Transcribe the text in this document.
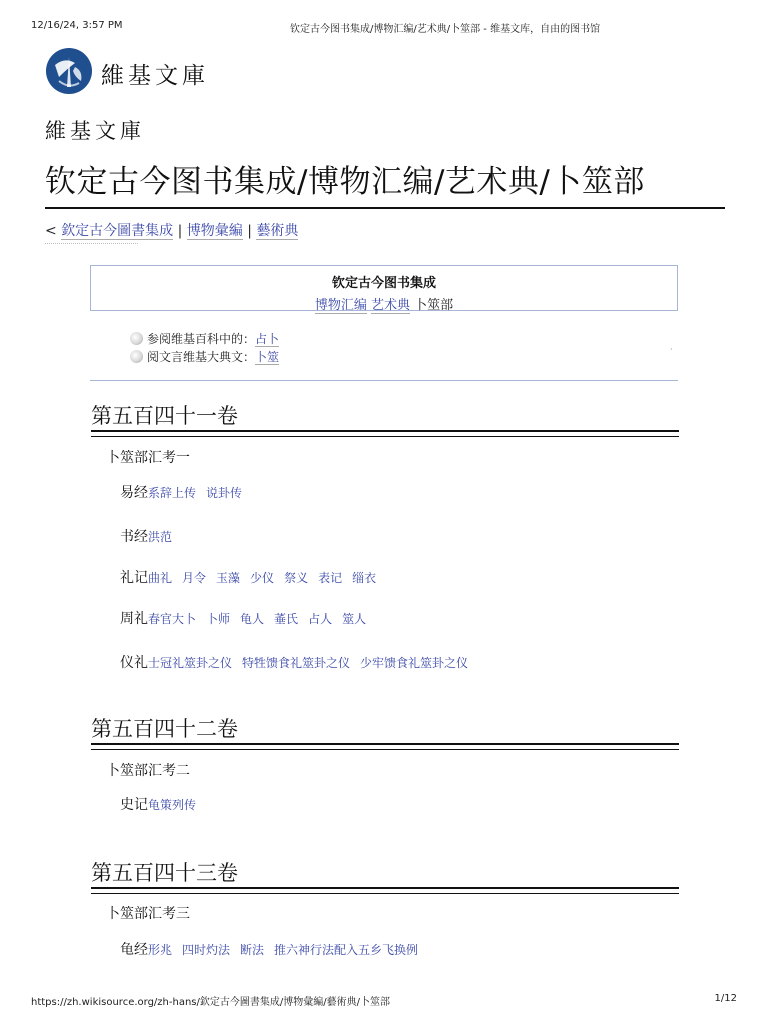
12/16/24, 3:57 PM	钦定古今图书集成/博物汇编/艺术典/卜筮部 - 维基文库，自由的图书馆
維基文庫
維基文庫
钦定古今图书集成/博物汇编/艺术典/卜筮部
< 欽定古今圖書集成 | 博物彙編 | 藝術典
钦定古今图书集成
博物汇编 艺术典 卜筮部
参阅维基百科中的：占卜
阅文言维基大典文：卜筮
·
第五百四十一卷
卜筮部汇考一
易经系辞上传 说卦传
书经洪范
礼记曲礼 月令 玉藻 少仪 祭义 表记 缁衣
周礼春官大卜 卜师 龟人 菙氏 占人 筮人
仪礼士冠礼筮卦之仪 特牲馈食礼筮卦之仪 少牢馈食礼筮卦之仪
第五百四十二卷
卜筮部汇考二
史记龟策列传
第五百四十三卷
卜筮部汇考三
龟经形兆 四时灼法 断法 推六神行法配入五乡飞换例
https://zh.wikisource.org/zh-hans/欽定古今圖書集成/博物彙編/藝術典/卜筮部	1/12
